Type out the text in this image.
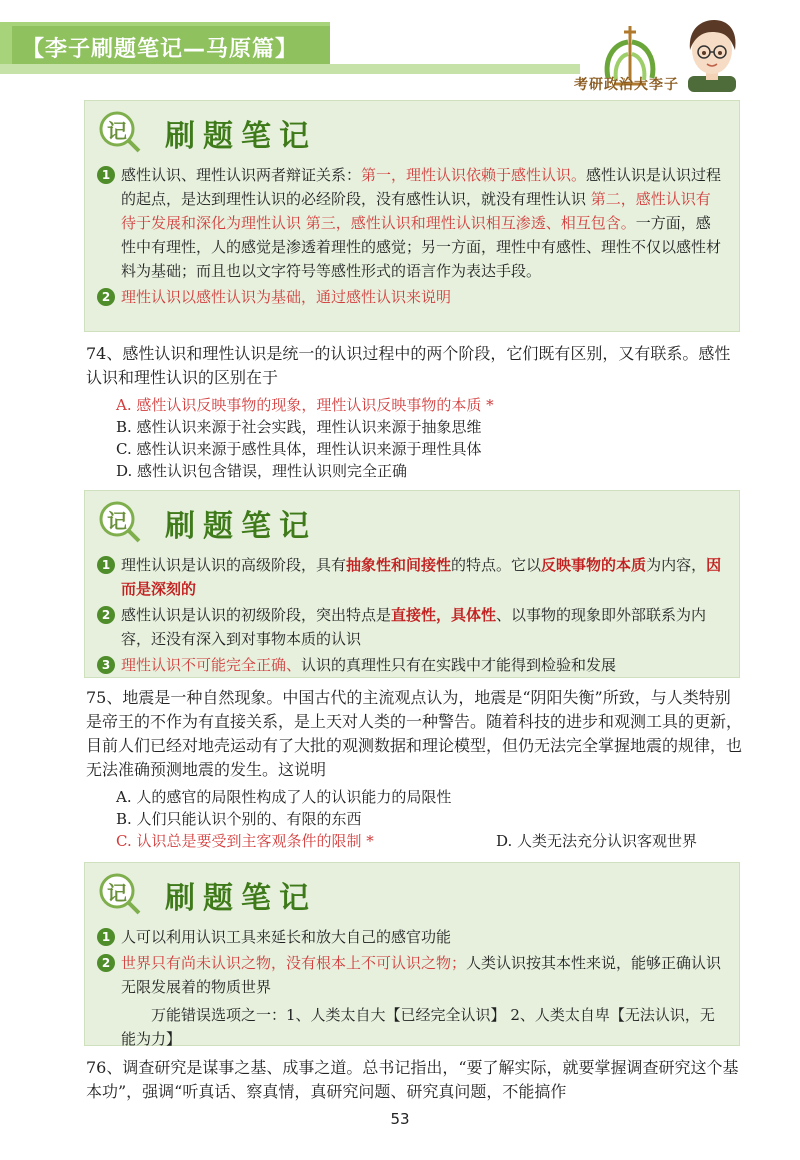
【李子刷题笔记—马原篇】
考研政治大李子
记 刷题笔记
1 感性认识、理性认识两者辩证关系：第一，理性认识依赖于感性认识。感性认识是认识过程的起点，是达到理性认识的必经阶段，没有感性认识，就没有理性认识 第二，感性认识有待于发展和深化为理性认识 第三，感性认识和理性认识相互渗透、相互包含。一方面，感性中有理性，人的感觉是渗透着理性的感觉；另一方面，理性中有感性、理性不仅以感性材料为基础；而且也以文字符号等感性形式的语言作为表达手段。
2 理性认识以感性认识为基础，通过感性认识来说明
74、感性认识和理性认识是统一的认识过程中的两个阶段，它们既有区别，又有联系。感性认识和理性认识的区别在于
A. 感性认识反映事物的现象，理性认识反映事物的本质 *
B. 感性认识来源于社会实践，理性认识来源于抽象思维
C. 感性认识来源于感性具体，理性认识来源于理性具体
D. 感性认识包含错误，理性认识则完全正确
记 刷题笔记
1 理性认识是认识的高级阶段，具有抽象性和间接性的特点。它以反映事物的本质为内容，因而是深刻的
2 感性认识是认识的初级阶段，突出特点是直接性，具体性、以事物的现象即外部联系为内容，还没有深入到对事物本质的认识
3 理性认识不可能完全正确、认识的真理性只有在实践中才能得到检验和发展
75、地震是一种自然现象。中国古代的主流观点认为，地震是“阴阳失衡”所致，与人类特别是帝王的不作为有直接关系，是上天对人类的一种警告。随着科技的进步和观测工具的更新，目前人们已经对地壳运动有了大批的观测数据和理论模型，但仍无法完全掌握地震的规律，也无法准确预测地震的发生。这说明
A. 人的感官的局限性构成了人的认识能力的局限性
B. 人们只能认识个别的、有限的东西
C. 认识总是要受到主客观条件的限制 *	D. 人类无法充分认识客观世界
记 刷题笔记
1 人可以利用认识工具来延长和放大自己的感官功能
2 世界只有尚未认识之物，没有根本上不可认识之物；人类认识按其本性来说，能够正确认识无限发展着的物质世界
万能错误选项之一：1、人类太自大【已经完全认识】 2、人类太自卑【无法认识，无能为力】
76、调查研究是谋事之基、成事之道。总书记指出，“要了解实际，就要掌握调查研究这个基本功”，强调“听真话、察真情，真研究问题、研究真问题，不能搞作
53
